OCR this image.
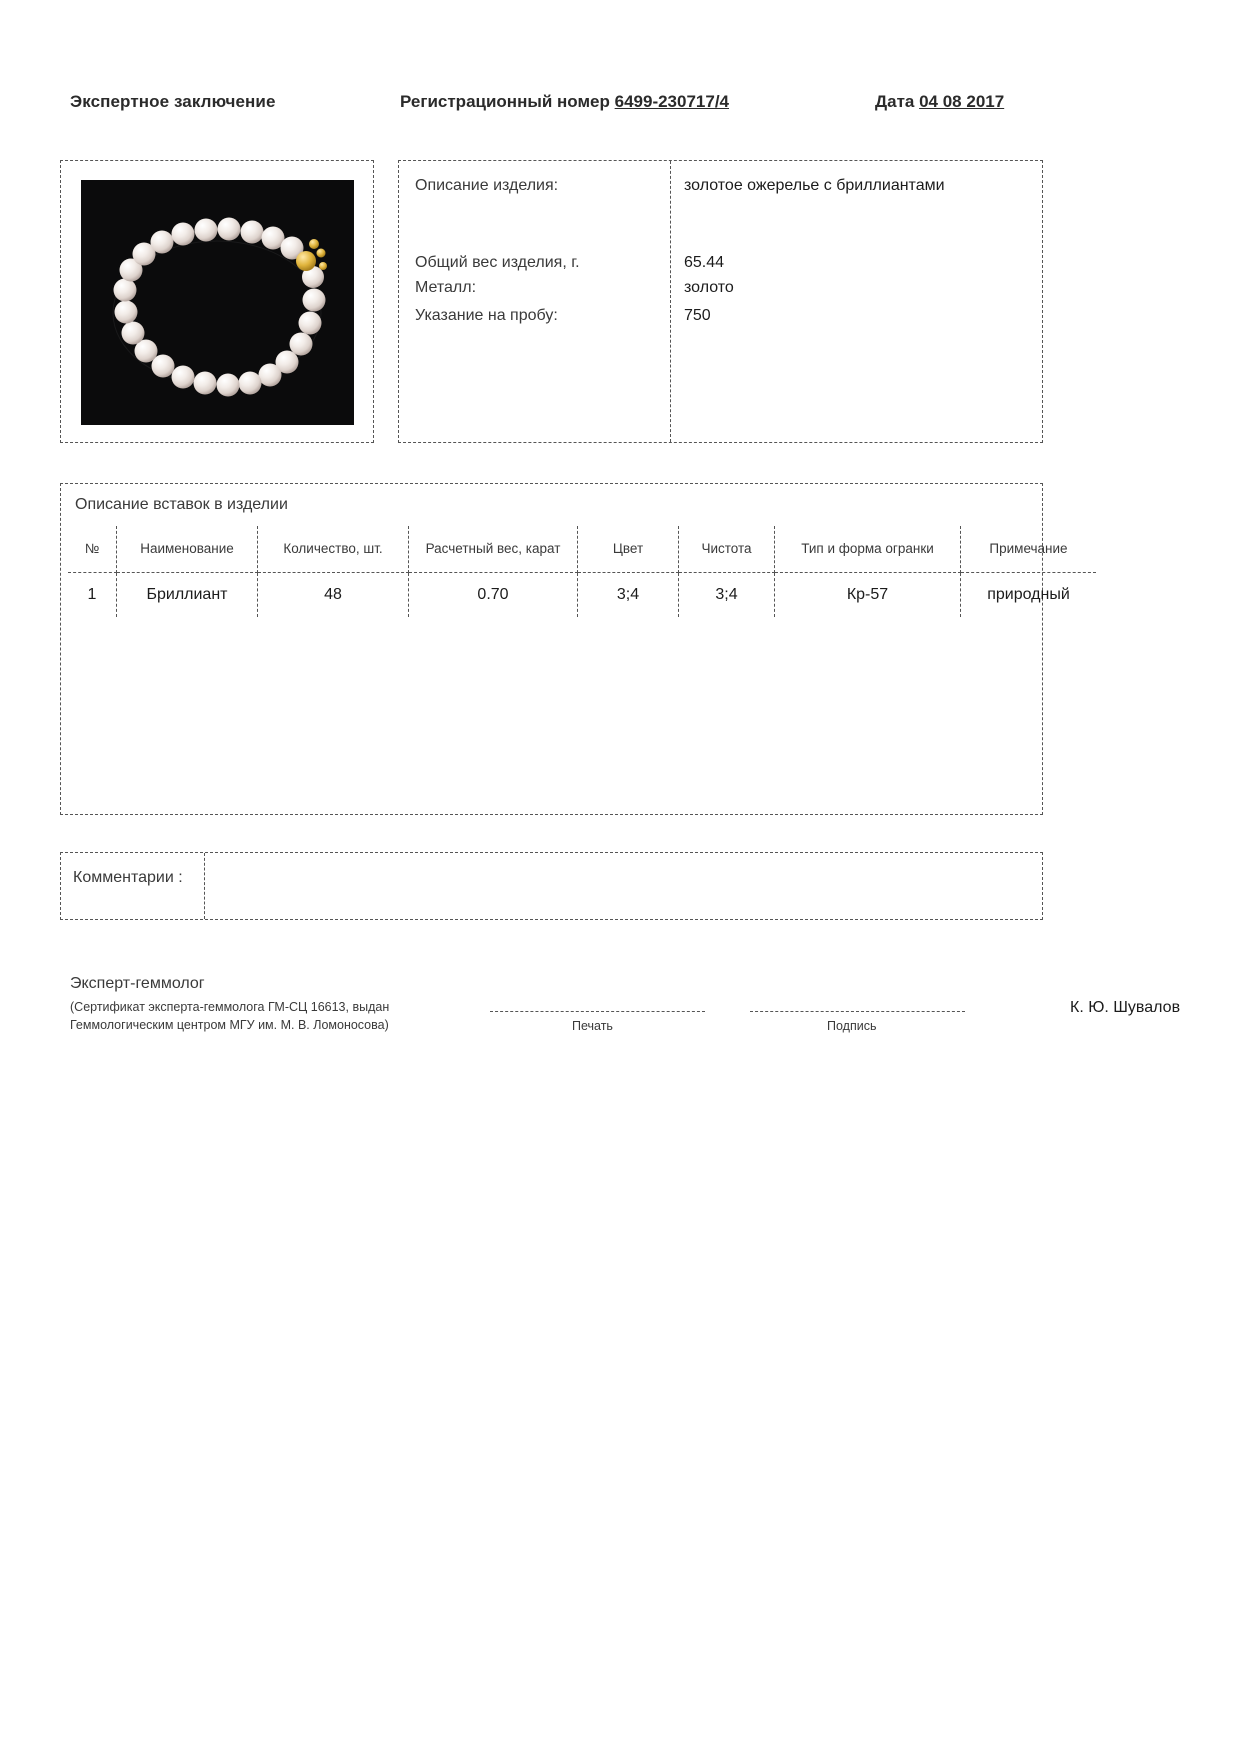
Экспертное заключение	Регистрационный номер 6499-230717/4	Дата 04 08 2017
Описание изделия:	золотое ожерелье с бриллиантами
Общий вес изделия, г.	65.44
Металл:	золото
Указание на пробу:	750
Описание вставок в изделии
№	Наименование	Количество, шт.	Расчетный вес, карат	Цвет	Чистота	Тип и форма огранки	Примечание
1	Бриллиант	48	0.70	3;4	3;4	Кр-57	природный
Комментарии :
Эксперт-геммолог
(Сертификат эксперта-геммолога ГМ-СЦ 16613, выдан Геммологическим центром МГУ им. М. В. Ломоносова)	Печать	Подпись
К. Ю. Шувалов
